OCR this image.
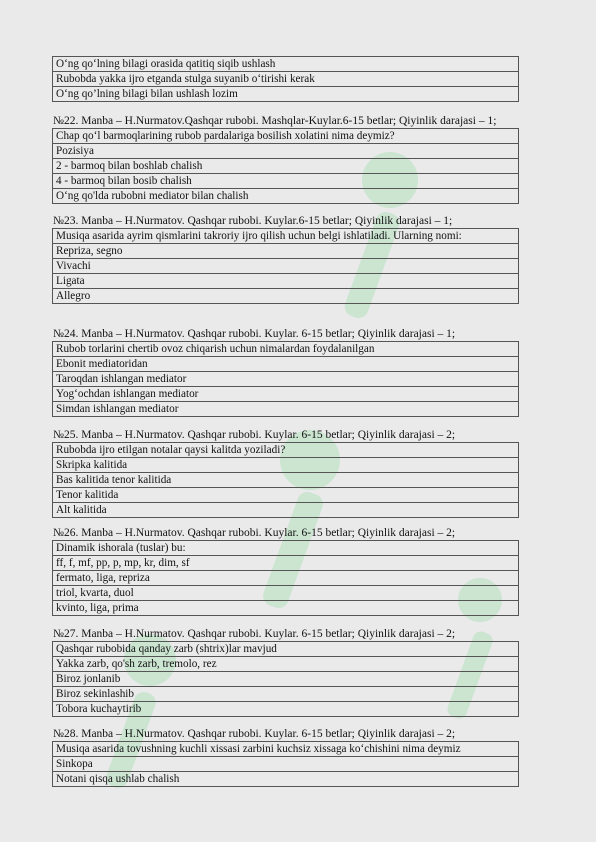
O‘ng qo‘lning bilagi orasida qatitiq siqib ushlash
Rubobda yakka ijro etganda stulga suyanib o‘tirishi kerak
O‘ng qo’lning bilagi bilan ushlash lozim
№22. Manba – H.Nurmatov.Qashqar rubobi. Mashqlar-Kuylar.6-15 betlar; Qiyinlik darajasi – 1;
Chap qo‘l barmoqlarining rubob pardalariga bosilish xolatini nima deymiz?
Pozisiya
2 - barmoq bilan boshlab chalish
4 - barmoq bilan bosib chalish
O‘ng qo'lda rubobni mediator bilan chalish
№23. Manba – H.Nurmatov. Qashqar rubobi. Kuylar.6-15 betlar; Qiyinlik darajasi – 1;
Musiqa asarida ayrim qismlarini takroriy ijro qilish uchun belgi ishlatiladi. Ularning nomi:
Repriza, segno
Vivachi
Ligata
Allegro
№24. Manba – H.Nurmatov. Qashqar rubobi. Kuylar. 6-15 betlar; Qiyinlik darajasi – 1;
Rubob torlarini chertib ovoz chiqarish uchun nimalardan foydalanilgan
Ebonit mediatoridan
Taroqdan ishlangan mediator
Yog‘ochdan ishlangan mediator
Simdan ishlangan mediator
№25. Manba – H.Nurmatov. Qashqar rubobi. Kuylar. 6-15 betlar; Qiyinlik darajasi – 2;
Rubobda ijro etilgan notalar qaysi kalitda yoziladi?
Skripka kalitida
Bas kalitida tenor kalitida
Tenor kalitida
Alt kalitida
№26. Manba – H.Nurmatov. Qashqar rubobi. Kuylar. 6-15 betlar; Qiyinlik darajasi – 2;
Dinamik ishorala (tuslar) bu:
ff, f, mf, pp, p, mp, kr, dim, sf
fermato, liga, repriza
triol, kvarta, duol
kvinto, liga, prima
№27. Manba – H.Nurmatov. Qashqar rubobi. Kuylar. 6-15 betlar; Qiyinlik darajasi – 2;
Qashqar rubobida qanday zarb (shtrix)lar mavjud
Yakka zarb, qo'sh zarb, tremolo, rez
Biroz jonlanib
Biroz sekinlashib
Tobora kuchaytirib
№28. Manba – H.Nurmatov. Qashqar rubobi. Kuylar. 6-15 betlar; Qiyinlik darajasi – 2;
Musiqa asarida tovushning kuchli xissasi zarbini kuchsiz xissaga ko‘chishini nima deymiz
Sinkopa
Notani qisqa ushlab chalish
